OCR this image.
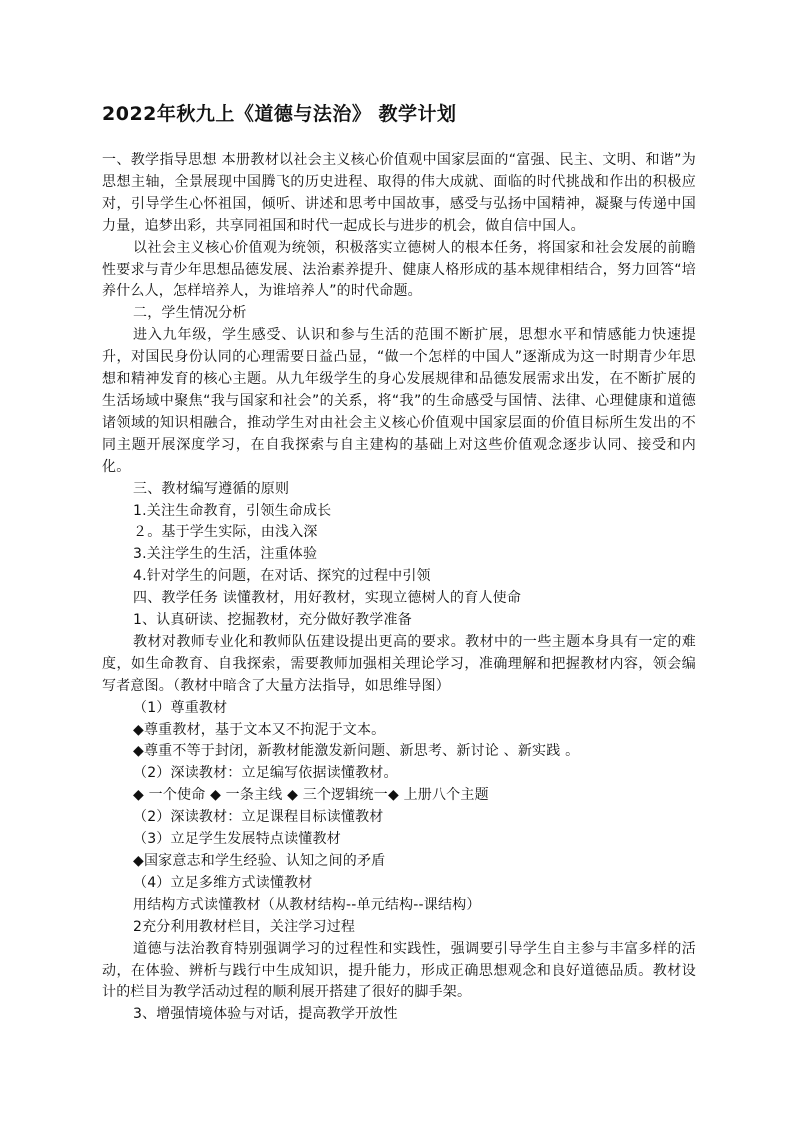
2022年秋九上《道德与法治》 教学计划

一、教学指导思想 本册教材以社会主义核心价值观中国家层面的“富强、民主、文明、和谐”为思想主轴，全景展现中国腾飞的历史进程、取得的伟大成就、面临的时代挑战和作出的积极应对，引导学生心怀祖国，倾听、讲述和思考中国故事，感受与弘扬中国精神，凝聚与传递中国力量，追梦出彩，共享同祖国和时代一起成长与进步的机会，做自信中国人。

以社会主义核心价值观为统领，积极落实立德树人的根本任务，将国家和社会发展的前瞻性要求与青少年思想品德发展、法治素养提升、健康人格形成的基本规律相结合，努力回答“培养什么人，怎样培养人，为谁培养人”的时代命题。

二，学生情况分析

进入九年级，学生感受、认识和参与生活的范围不断扩展，思想水平和情感能力快速提升，对国民身份认同的心理需要日益凸显，“做一个怎样的中国人”逐渐成为这一时期青少年思想和精神发育的核心主题。从九年级学生的身心发展规律和品德发展需求出发，在不断扩展的生活场域中聚焦“我与国家和社会”的关系，将“我”的生命感受与国情、法律、心理健康和道德诸领域的知识相融合，推动学生对由社会主义核心价值观中国家层面的价值目标所生发出的不同主题开展深度学习，在自我探索与自主建构的基础上对这些价值观念逐步认同、接受和内化。

三、教材编写遵循的原则

1.关注生命教育，引领生命成长

２。基于学生实际，由浅入深

3.关注学生的生活，注重体验

4.针对学生的问题，在对话、探究的过程中引领

四、教学任务 读懂教材，用好教材，实现立德树人的育人使命

1、认真研读、挖掘教材，充分做好教学准备

教材对教师专业化和教师队伍建设提出更高的要求。教材中的一些主题本身具有一定的难度，如生命教育、自我探索，需要教师加强相关理论学习，准确理解和把握教材内容，领会编写者意图。（教材中暗含了大量方法指导，如思维导图）

（1）尊重教材

◆尊重教材，基于文本又不拘泥于文本。

◆尊重不等于封闭，新教材能激发新问题、新思考、新讨论 、新实践 。

（2）深读教材：立足编写依据读懂教材。

◆ 一个使命 ◆ 一条主线 ◆ 三个逻辑统一◆ 上册八个主题

（2）深读教材：立足课程目标读懂教材

（3）立足学生发展特点读懂教材

◆国家意志和学生经验、认知之间的矛盾

（4）立足多维方式读懂教材

用结构方式读懂教材（从教材结构--单元结构--课结构）

2充分利用教材栏目，关注学习过程

道德与法治教育特别强调学习的过程性和实践性，强调要引导学生自主参与丰富多样的活动，在体验、辨析与践行中生成知识，提升能力，形成正确思想观念和良好道德品质。教材设计的栏目为教学活动过程的顺利展开搭建了很好的脚手架。

3、增强情境体验与对话，提高教学开放性
